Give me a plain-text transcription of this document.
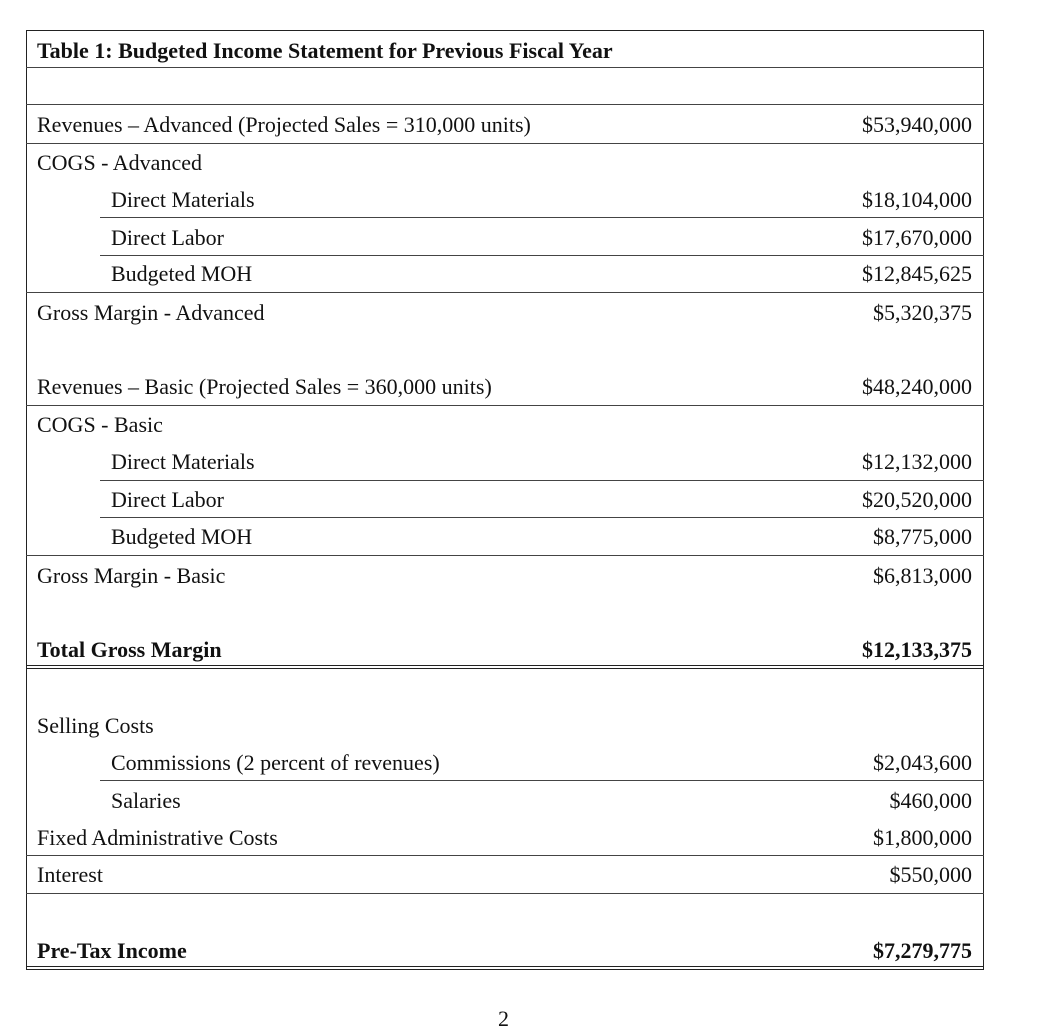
Table 1: Budgeted Income Statement for Previous Fiscal Year
Revenues – Advanced (Projected Sales = 310,000 units)	$53,940,000
COGS - Advanced
Direct Materials	$18,104,000
Direct Labor	$17,670,000
Budgeted MOH	$12,845,625
Gross Margin - Advanced	$5,320,375
Revenues – Basic (Projected Sales = 360,000 units)	$48,240,000
COGS - Basic
Direct Materials	$12,132,000
Direct Labor	$20,520,000
Budgeted MOH	$8,775,000
Gross Margin - Basic	$6,813,000
Total Gross Margin	$12,133,375
Selling Costs
Commissions (2 percent of revenues)	$2,043,600
Salaries	$460,000
Fixed Administrative Costs	$1,800,000
Interest	$550,000
Pre-Tax Income	$7,279,775
2
